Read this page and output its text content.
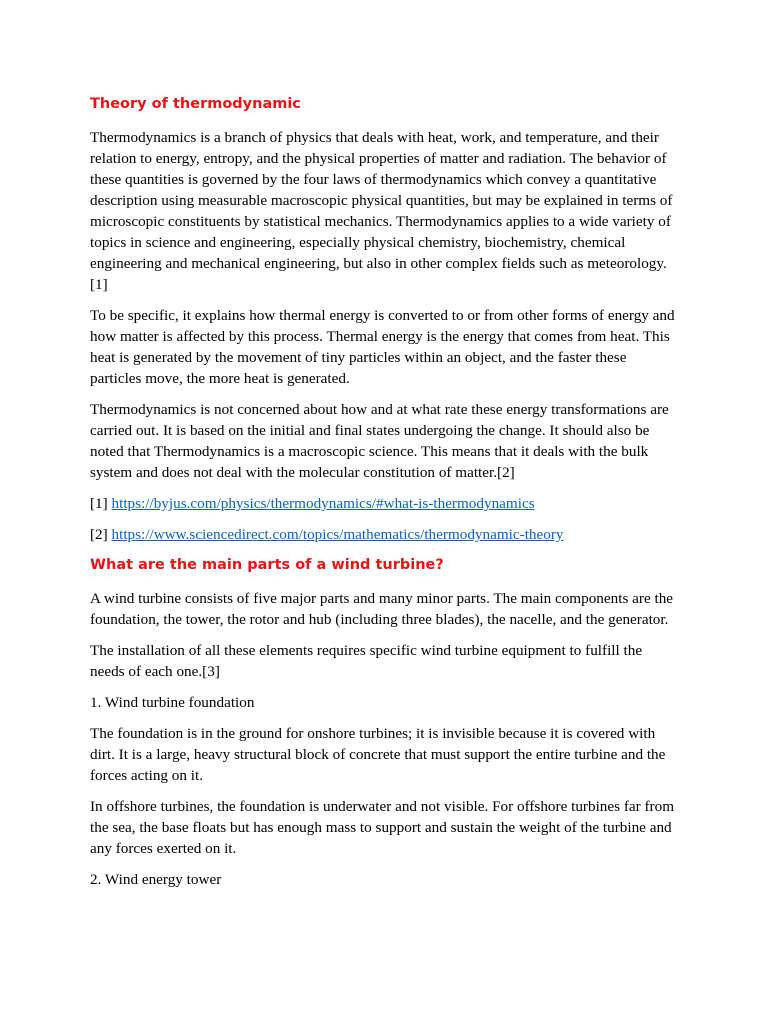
Theory of thermodynamic

Thermodynamics is a branch of physics that deals with heat, work, and temperature, and their relation to energy, entropy, and the physical properties of matter and radiation. The behavior of these quantities is governed by the four laws of thermodynamics which convey a quantitative description using measurable macroscopic physical quantities, but may be explained in terms of microscopic constituents by statistical mechanics. Thermodynamics applies to a wide variety of topics in science and engineering, especially physical chemistry, biochemistry, chemical engineering and mechanical engineering, but also in other complex fields such as meteorology. [1]

To be specific, it explains how thermal energy is converted to or from other forms of energy and how matter is affected by this process. Thermal energy is the energy that comes from heat. This heat is generated by the movement of tiny particles within an object, and the faster these particles move, the more heat is generated.

Thermodynamics is not concerned about how and at what rate these energy transformations are carried out. It is based on the initial and final states undergoing the change. It should also be noted that Thermodynamics is a macroscopic science. This means that it deals with the bulk system and does not deal with the molecular constitution of matter.[2]

[1] https://byjus.com/physics/thermodynamics/#what-is-thermodynamics
[2] https://www.sciencedirect.com/topics/mathematics/thermodynamic-theory
What are the main parts of a wind turbine?

A wind turbine consists of five major parts and many minor parts. The main components are the foundation, the tower, the rotor and hub (including three blades), the nacelle, and the generator.

The installation of all these elements requires specific wind turbine equipment to fulfill the needs of each one.[3]

1. Wind turbine foundation

The foundation is in the ground for onshore turbines; it is invisible because it is covered with dirt. It is a large, heavy structural block of concrete that must support the entire turbine and the forces acting on it.

In offshore turbines, the foundation is underwater and not visible. For offshore turbines far from the sea, the base floats but has enough mass to support and sustain the weight of the turbine and any forces exerted on it.

2. Wind energy tower
